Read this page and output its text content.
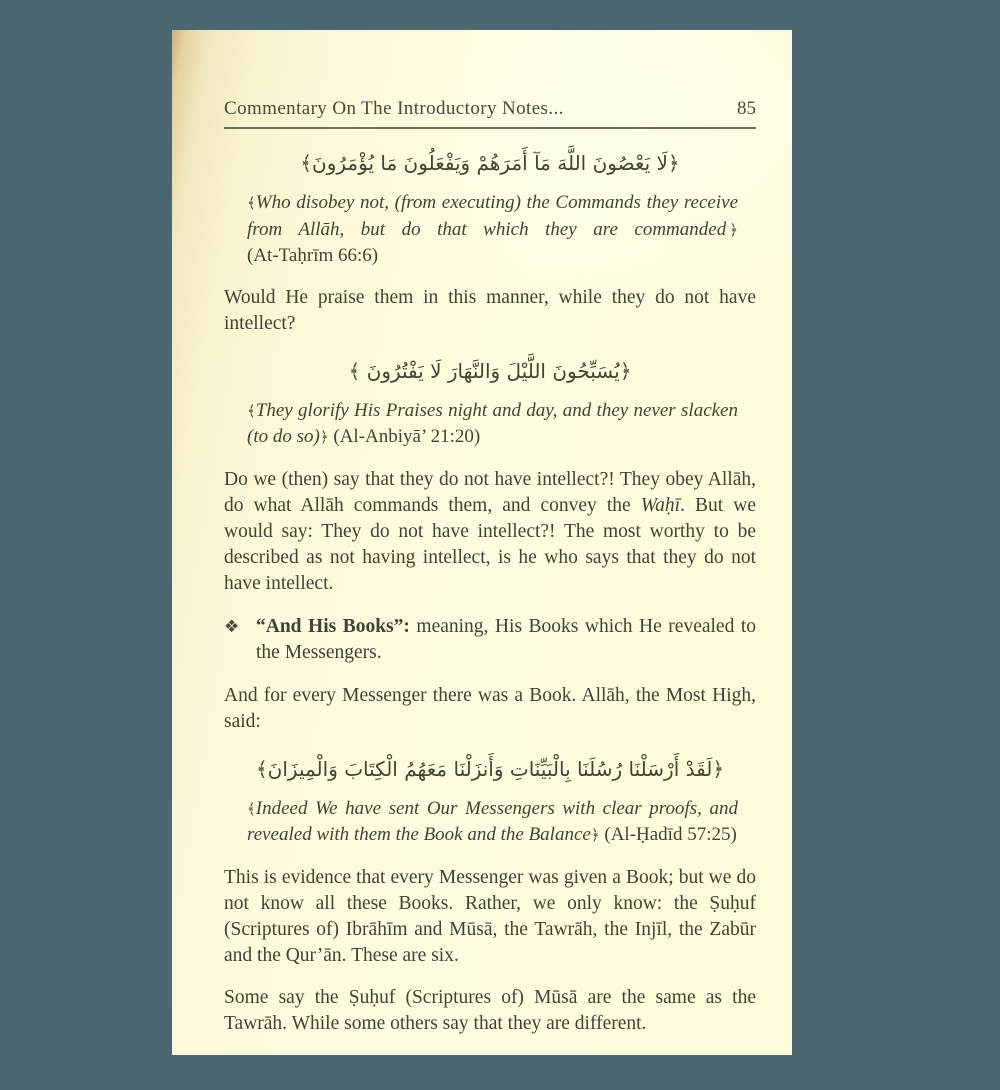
Commentary On The Introductory Notes...	85
﴿لَا يَعْصُونَ اللَّهَ مَآ أَمَرَهُمْ وَيَفْعَلُونَ مَا يُؤْمَرُونَ﴾
﴾Who disobey not, (from executing) the Commands they receive from Allāh, but do that which they are commanded ﴿ (At-Taḥrīm 66:6)

Would He praise them in this manner, while they do not have intellect?

﴿يُسَبِّحُونَ اللَّيْلَ وَالنَّهَارَ لَا يَفْتُرُونَ ﴾
﴾They glorify His Praises night and day, and they never slacken (to do so)﴿ (Al-Anbiyā’ 21:20)

Do we (then) say that they do not have intellect?! They obey Allāh, do what Allāh commands them, and convey the Waḥī. But we would say: They do not have intellect?! The most worthy to be described as not having intellect, is he who says that they do not have intellect.

❖ “And His Books”: meaning, His Books which He revealed to the Messengers.

And for every Messenger there was a Book. Allāh, the Most High, said:

﴿لَقَدْ أَرْسَلْنَا رُسُلَنَا بِالْبَيِّنَاتِ وَأَنزَلْنَا مَعَهُمُ الْكِتَابَ وَالْمِيزَانَ﴾
﴾Indeed We have sent Our Messengers with clear proofs, and revealed with them the Book and the Balance﴿ (Al-Ḥadīd 57:25)

This is evidence that every Messenger was given a Book; but we do not know all these Books. Rather, we only know: the Ṣuḥuf (Scriptures of) Ibrāhīm and Mūsā, the Tawrāh, the Injīl, the Zabūr and the Qur’ān. These are six.

Some say the Ṣuḥuf (Scriptures of) Mūsā are the same as the Tawrāh. While some others say that they are different.
